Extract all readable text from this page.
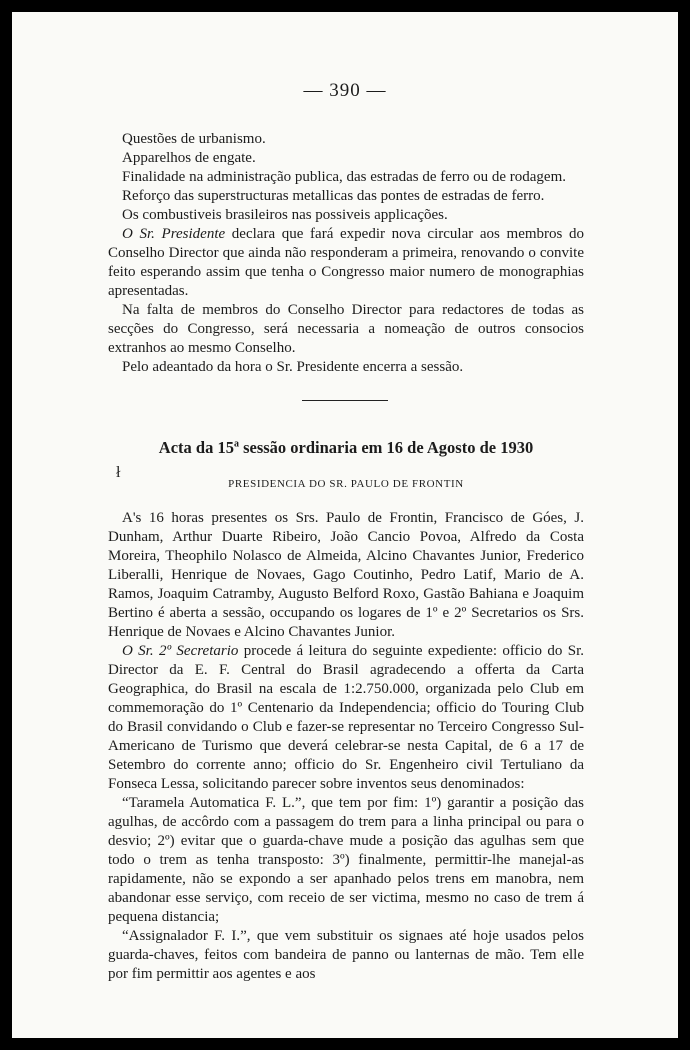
— 390 —

Questões de urbanismo.

Apparelhos de engate.

Finalidade na administração publica, das estradas de ferro ou de rodagem.

Reforço das superstructuras metallicas das pontes de estradas de ferro.

Os combustiveis brasileiros nas possiveis applicações.

O Sr. Presidente declara que fará expedir nova circular aos membros do Conselho Director que ainda não responderam a primeira, renovando o convite feito esperando assim que tenha o Congresso maior numero de monographias apresentadas.

Na falta de membros do Conselho Director para redactores de todas as secções do Congresso, será necessaria a nomeação de outros consocios extranhos ao mesmo Conselho.

Pelo adeantado da hora o Sr. Presidente encerra a sessão.

Acta da 15$^a$ sessão ordinaria em 16 de Agosto de 1930
ł
PRESIDENCIA DO SR. PAULO DE FRONTIN

A's 16 horas presentes os Srs. Paulo de Frontin, Francisco de Góes, J. Dunham, Arthur Duarte Ribeiro, João Cancio Povoa, Alfredo da Costa Moreira, Theophilo Nolasco de Almeida, Alcino Chavantes Junior, Frederico Liberalli, Henrique de Novaes, Gago Coutinho, Pedro Latif, Mario de A. Ramos, Joaquim Catramby, Augusto Belford Roxo, Gastão Bahiana e Joaquim Bertino é aberta a sessão, occupando os logares de 1º e 2º Secretarios os Srs. Henrique de Novaes e Alcino Chavantes Junior.

O Sr. 2º Secretario procede á leitura do seguinte expediente: officio do Sr. Director da E. F. Central do Brasil agradecendo a offerta da Carta Geographica, do Brasil na escala de 1:2.750.000, organizada pelo Club em commemoração do 1º Centenario da Independencia; officio do Touring Club do Brasil convidando o Club e fazer-se representar no Terceiro Congresso Sul-Americano de Turismo que deverá celebrar-se nesta Capital, de 6 a 17 de Setembro do corrente anno; officio do Sr. Engenheiro civil Tertuliano da Fonseca Lessa, solicitando parecer sobre inventos seus denominados:

“Taramela Automatica F. L.”, que tem por fim: 1º) garantir a posição das agulhas, de accôrdo com a passagem do trem para a linha principal ou para o desvio; 2º) evitar que o guarda-chave mude a posição das agulhas sem que todo o trem as tenha transposto: 3º) finalmente, permittir-lhe manejal-as rapidamente, não se expondo a ser apanhado pelos trens em manobra, nem abandonar esse serviço, com receio de ser victima, mesmo no caso de trem á pequena distancia;

“Assignalador F. I.”, que vem substituir os signaes até hoje usados pelos guarda-chaves, feitos com bandeira de panno ou lanternas de mão. Tem elle por fim permittir aos agentes e aos
